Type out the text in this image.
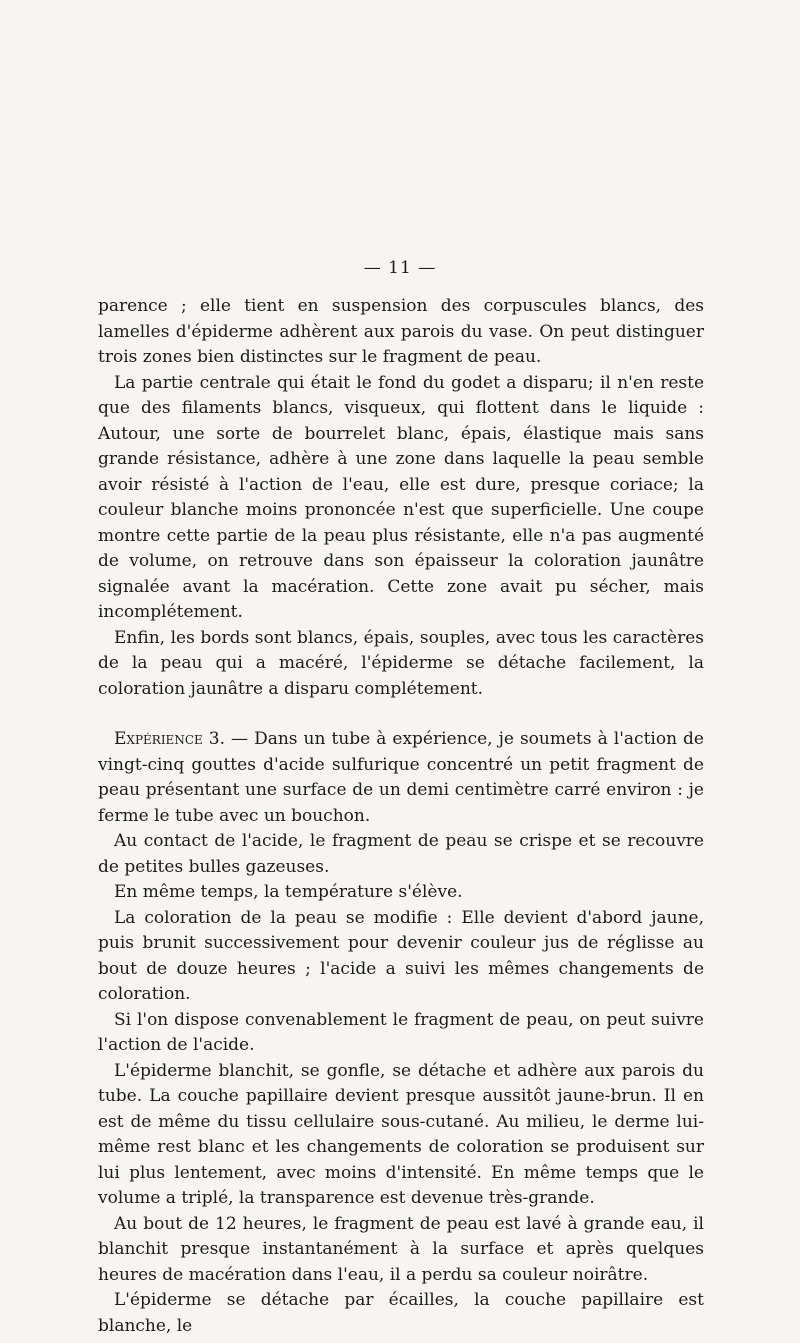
— 11 —

parence ; elle tient en suspension des corpuscules blancs, des lamelles d'épiderme adhèrent aux parois du vase. On peut distinguer trois zones bien distinctes sur le fragment de peau.

La partie centrale qui était le fond du godet a disparu; il n'en reste que des filaments blancs, visqueux, qui flottent dans le liquide : Autour, une sorte de bourrelet blanc, épais, élastique mais sans grande résistance, adhère à une zone dans laquelle la peau semble avoir résisté à l'action de l'eau, elle est dure, presque coriace; la couleur blanche moins prononcée n'est que superficielle. Une coupe montre cette partie de la peau plus résistante, elle n'a pas augmenté de volume, on retrouve dans son épaisseur la coloration jaunâtre signalée avant la macération. Cette zone avait pu sécher, mais incomplétement.

Enfin, les bords sont blancs, épais, souples, avec tous les caractères de la peau qui a macéré, l'épiderme se détache facilement, la coloration jaunâtre a disparu complétement.

Expérience 3. — Dans un tube à expérience, je soumets à l'action de vingt-cinq gouttes d'acide sulfurique concentré un petit fragment de peau présentant une surface de un demi centimètre carré environ : je ferme le tube avec un bouchon.

Au contact de l'acide, le fragment de peau se crispe et se recouvre de petites bulles gazeuses.

En même temps, la température s'élève.

La coloration de la peau se modifie : Elle devient d'abord jaune, puis brunit successivement pour devenir couleur jus de réglisse au bout de douze heures ; l'acide a suivi les mêmes changements de coloration.

Si l'on dispose convenablement le fragment de peau, on peut suivre l'action de l'acide.

L'épiderme blanchit, se gonfle, se détache et adhère aux parois du tube. La couche papillaire devient presque aussitôt jaune-brun. Il en est de même du tissu cellulaire sous-cutané. Au milieu, le derme lui-même rest blanc et les changements de coloration se produisent sur lui plus lentement, avec moins d'intensité. En même temps que le volume a triplé, la transparence est devenue très-grande.

Au bout de 12 heures, le fragment de peau est lavé à grande eau, il blanchit presque instantanément à la surface et après quelques heures de macération dans l'eau, il a perdu sa couleur noirâtre.

L'épiderme se détache par écailles, la couche papillaire est blanche, le
